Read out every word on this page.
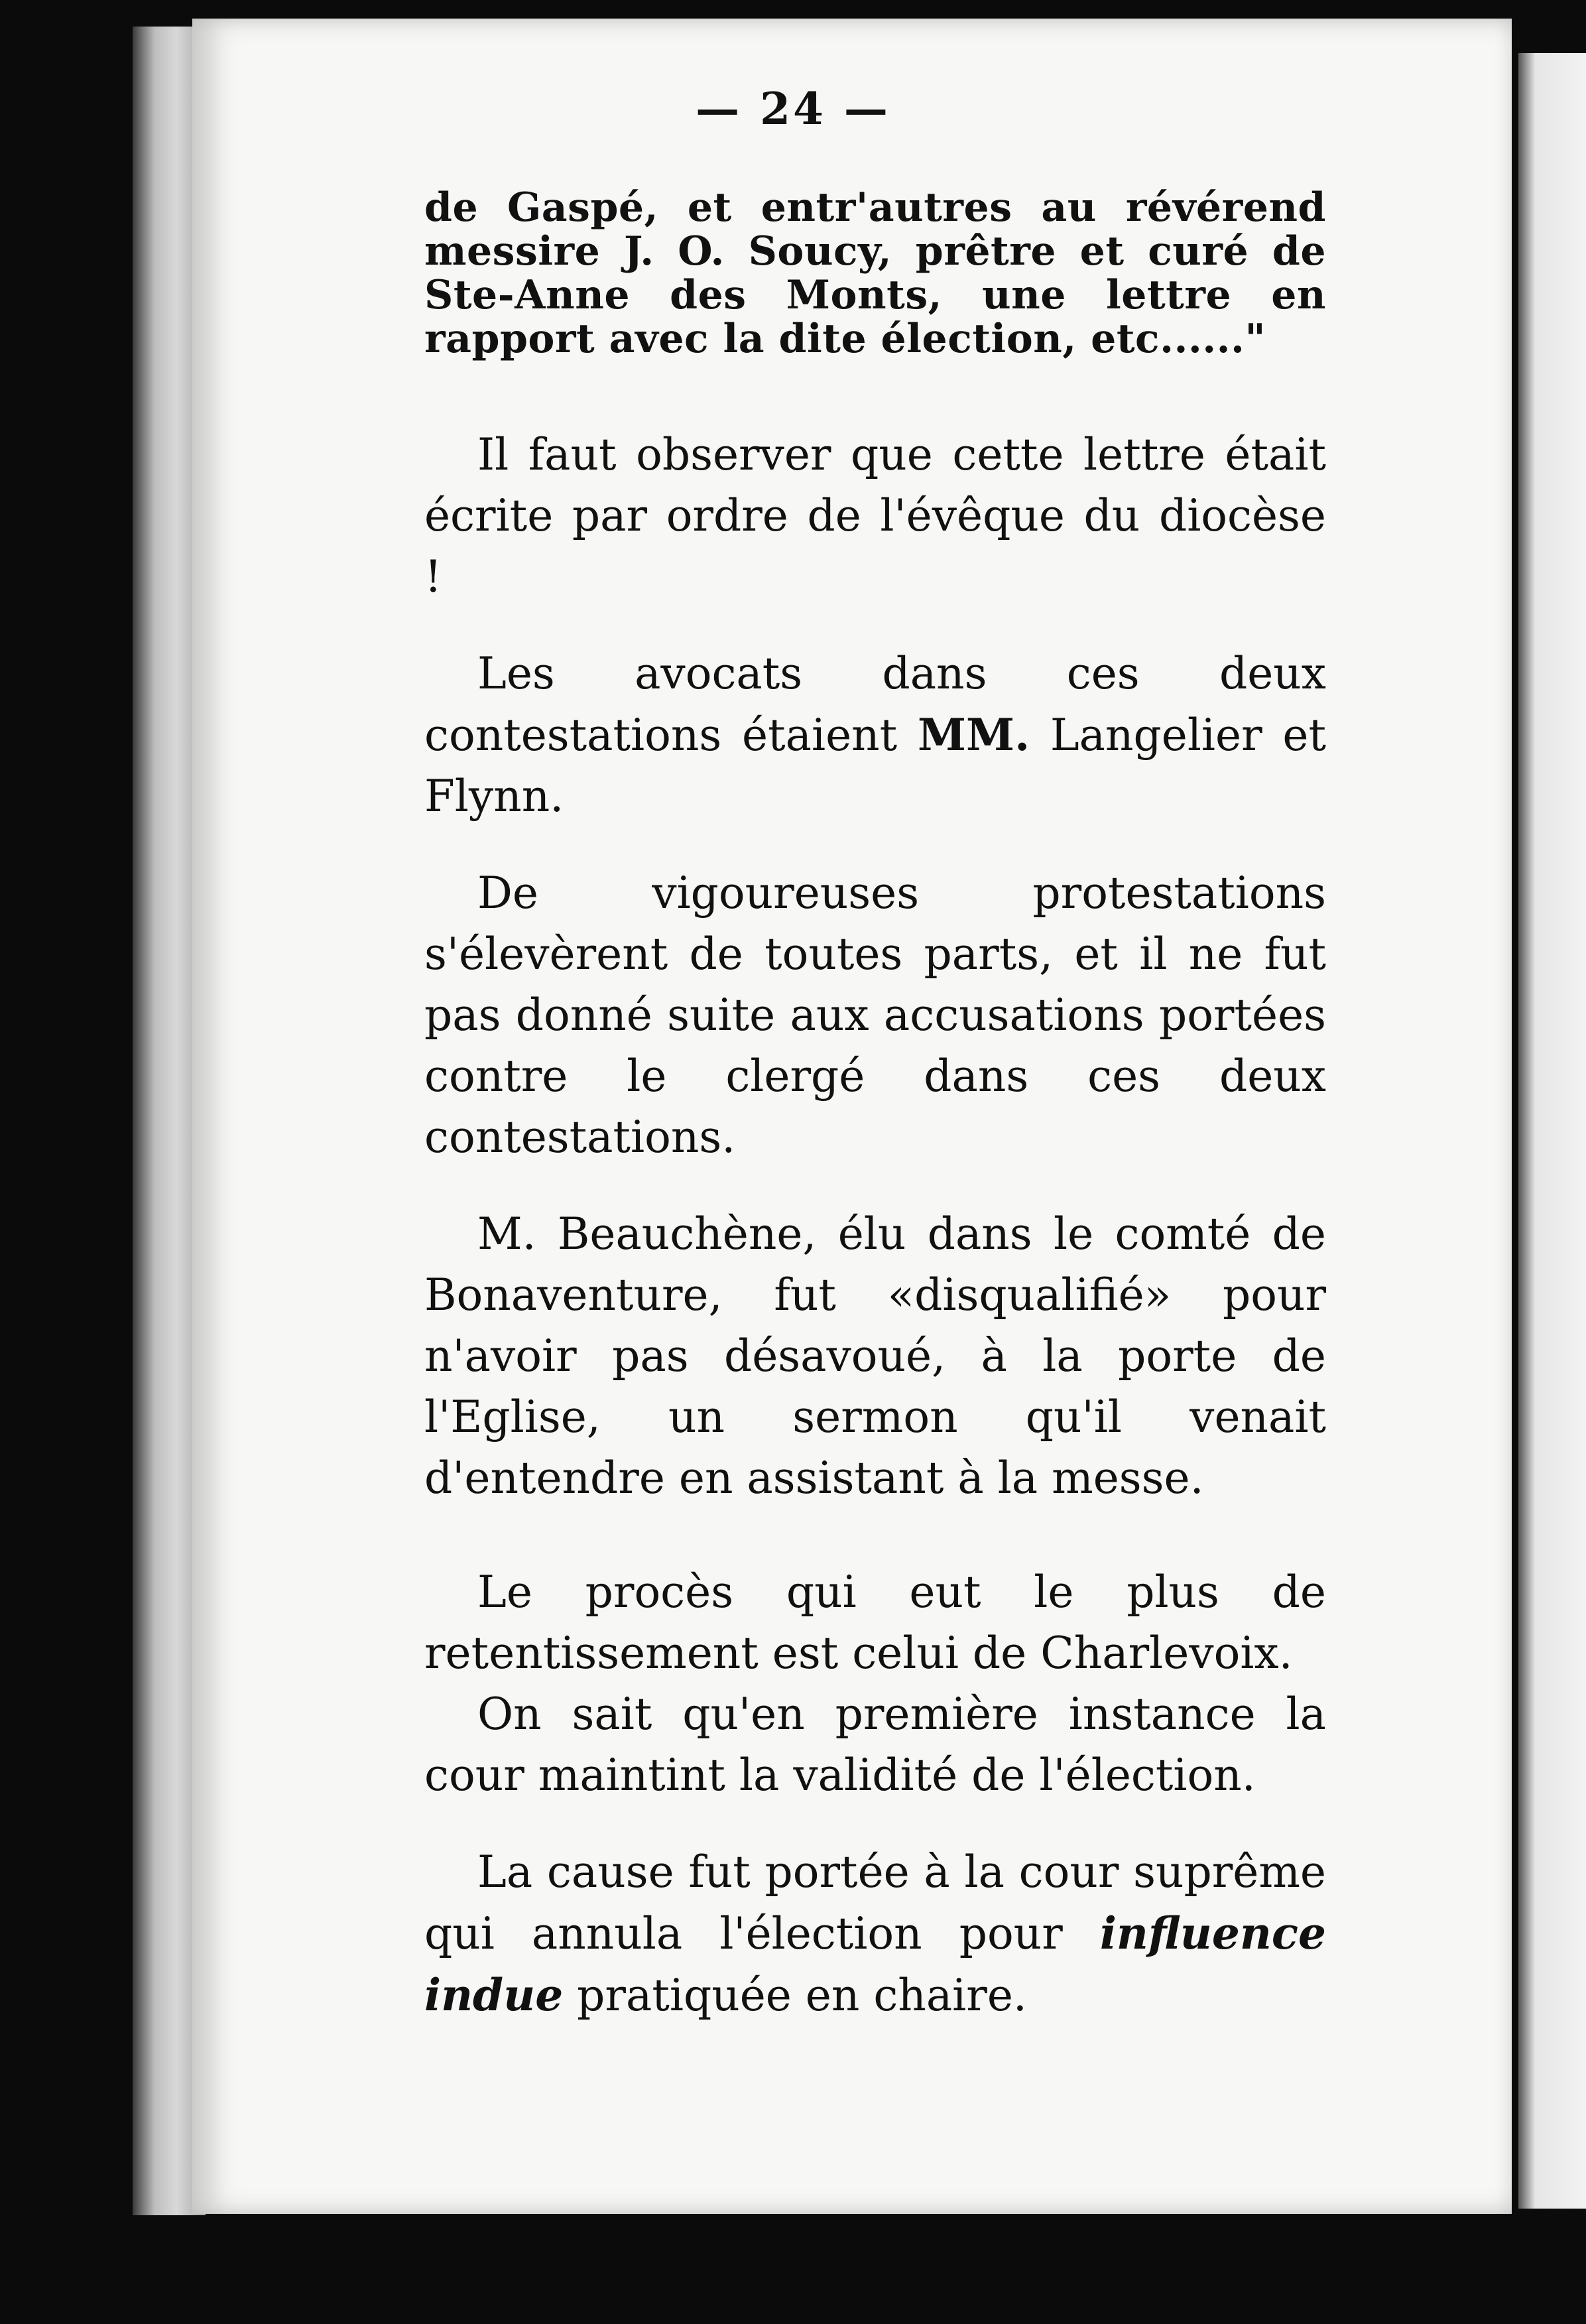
— 24 —
de Gaspé, et entr'autres au révérend messire J. O. Soucy, prêtre et curé de Ste-Anne des Monts, une lettre en rapport avec la dite élection, etc......"

Il faut observer que cette lettre était écrite par ordre de l'évêque du diocèse !

Les avocats dans ces deux contestations étaient MM. Langelier et Flynn.

De vigoureuses protestations s'élevèrent de toutes parts, et il ne fut pas donné suite aux accusations portées contre le clergé dans ces deux contestations.

M. Beauchène, élu dans le comté de Bonaventure, fut «disqualifié» pour n'avoir pas désavoué, à la porte de l'Eglise, un sermon qu'il venait d'entendre en assistant à la messe.

Le procès qui eut le plus de retentissement est celui de Charlevoix.

On sait qu'en première instance la cour maintint la validité de l'élection.

La cause fut portée à la cour suprême qui annula l'élection pour influence indue pratiquée en chaire.
